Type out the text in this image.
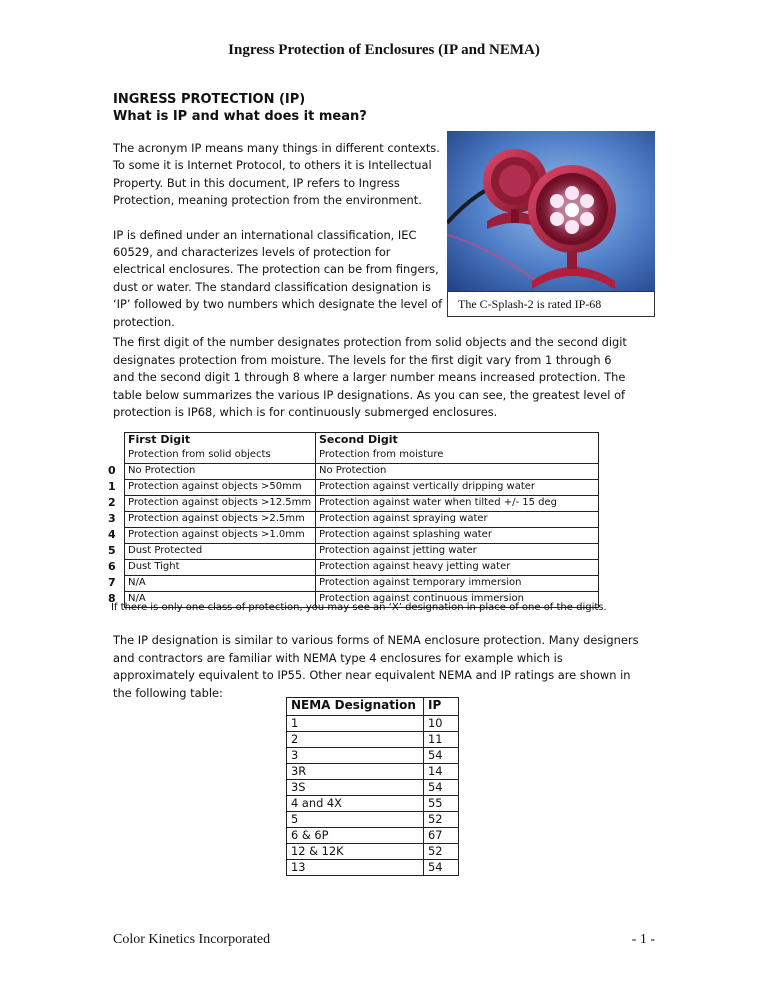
Ingress Protection of Enclosures (IP and NEMA)
INGRESS PROTECTION (IP)
What is IP and what does it mean?

The acronym IP means many things in different contexts. To some it is Internet Protocol, to others it is Intellectual Property. But in this document, IP refers to Ingress Protection, meaning protection from the environment.

IP is defined under an international classification, IEC 60529, and characterizes levels of protection for electrical enclosures. The protection can be from fingers, dust or water. The standard classification designation is ‘IP’ followed by two numbers which designate the level of protection.

The C-Splash-2 is rated IP-68

The first digit of the number designates protection from solid objects and the second digit designates protection from moisture. The levels for the first digit vary from 1 through 6 and the second digit 1 through 8 where a larger number means increased protection. The table below summarizes the various IP designations. As you can see, the greatest level of protection is IP68, which is for continuously submerged enclosures.

	First Digit	Second Digit
	Protection from solid objects	Protection from moisture
0	No Protection	No Protection
1	Protection against objects >50mm	Protection against vertically dripping water
2	Protection against objects >12.5mm	Protection against water when tilted +/- 15 deg
3	Protection against objects >2.5mm	Protection against spraying water
4	Protection against objects >1.0mm	Protection against splashing water
5	Dust Protected	Protection against jetting water
6	Dust Tight	Protection against heavy jetting water
7	N/A	Protection against temporary immersion
8	N/A	Protection against continuous immersion
If there is only one class of protection, you may see an ‘X’ designation in place of one of the digits.

The IP designation is similar to various forms of NEMA enclosure protection. Many designers and contractors are familiar with NEMA type 4 enclosures for example which is approximately equivalent to IP55. Other near equivalent NEMA and IP ratings are shown in the following table:

NEMA Designation	IP
1	10
2	11
3	54
3R	14
3S	54
4 and 4X	55
5	52
6 & 6P	67
12 & 12K	52
13	54
Color Kinetics Incorporated	- 1 -
